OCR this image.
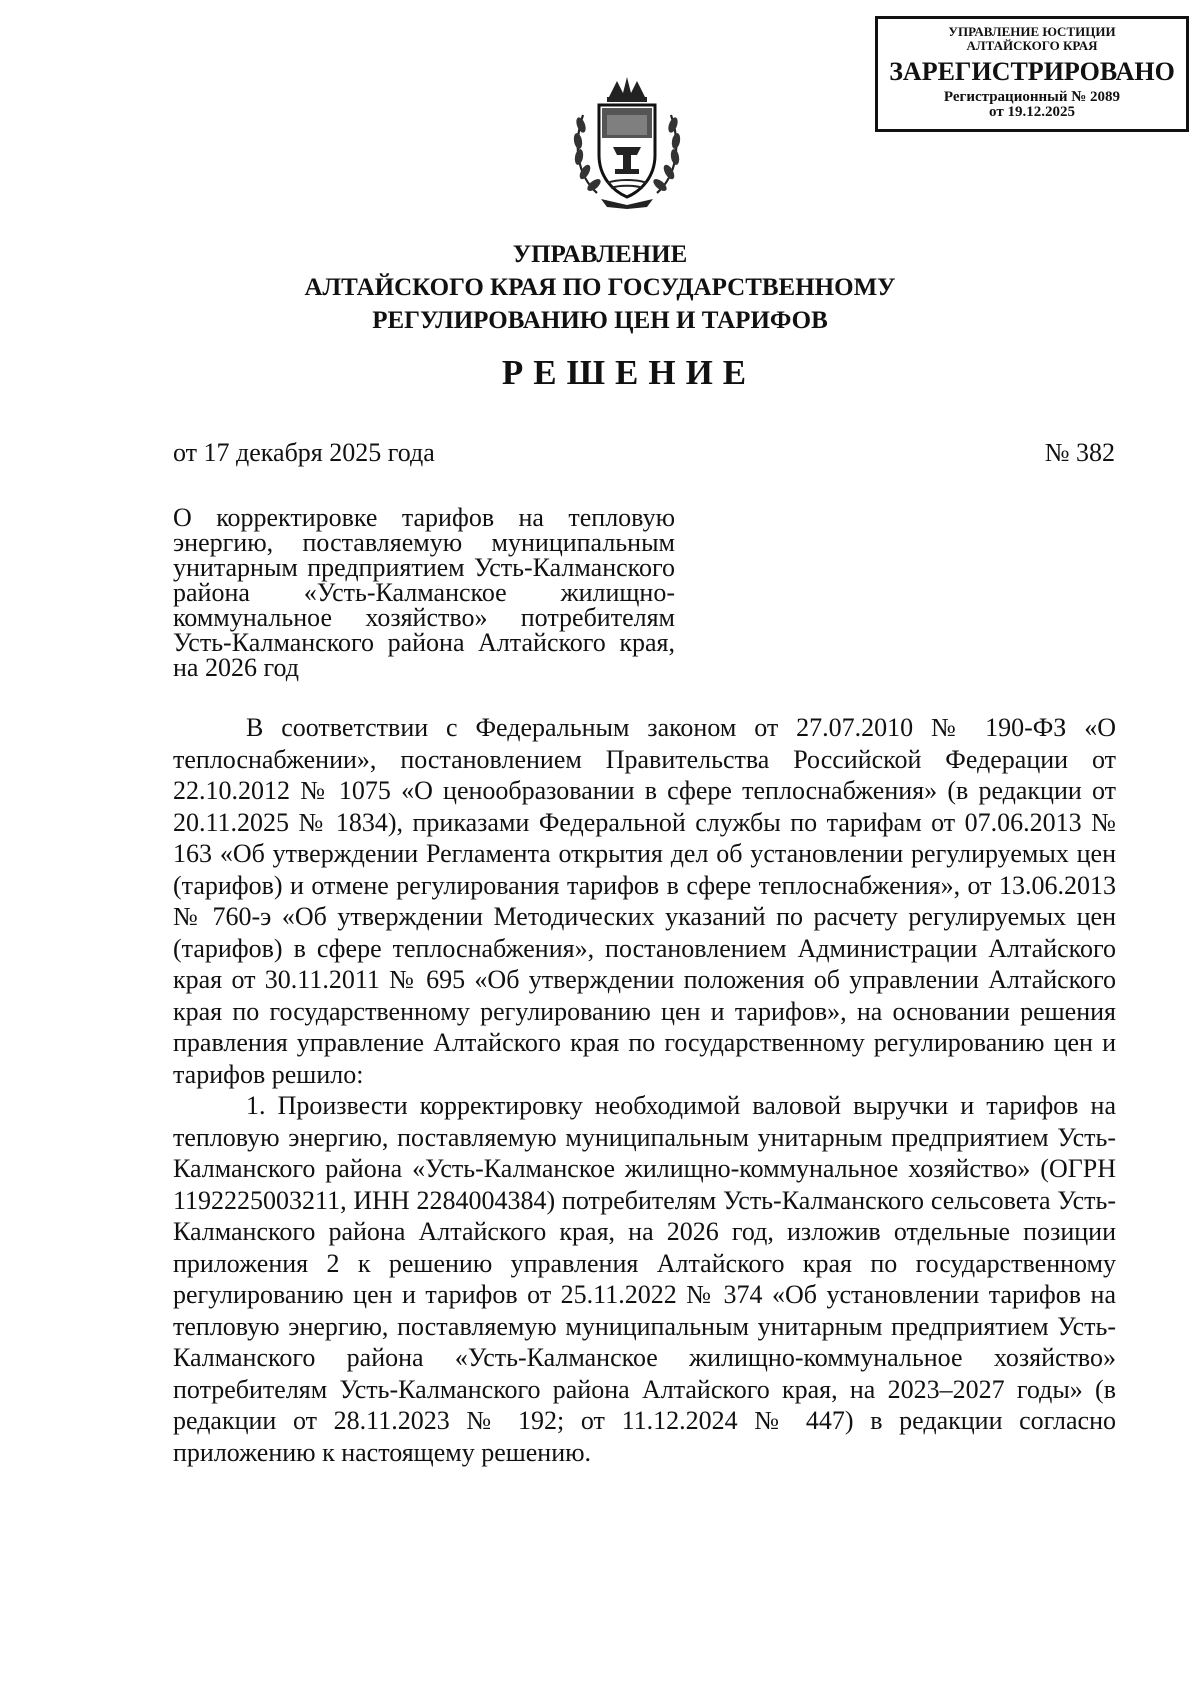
УПРАВЛЕНИЕ ЮСТИЦИИ
АЛТАЙСКОГО КРАЯ
ЗАРЕГИСТРИРОВАНО
Регистрационный № 2089
от 19.12.2025
УПРАВЛЕНИЕ
АЛТАЙСКОГО КРАЯ ПО ГОСУДАРСТВЕННОМУ
РЕГУЛИРОВАНИЮ ЦЕН И ТАРИФОВ
РЕШЕНИЕ
от 17 декабря 2025 года	№ 382
О корректировке тарифов на тепловую энергию, поставляемую муниципальным унитарным предприятием Усть-Калманского района «Усть-Калманское жилищно-коммунальное хозяйство» потребителям Усть-Калманского района Алтайского края, на 2026 год

В соответствии с Федеральным законом от 27.07.2010 № 190-ФЗ «О теплоснабжении», постановлением Правительства Российской Федерации от 22.10.2012 № 1075 «О ценообразовании в сфере теплоснабжения» (в редакции от 20.11.2025 № 1834), приказами Федеральной службы по тарифам от 07.06.2013 № 163 «Об утверждении Регламента открытия дел об установлении регулируемых цен (тарифов) и отмене регулирования тарифов в сфере теплоснабжения», от 13.06.2013 № 760-э «Об утверждении Методических указаний по расчету регулируемых цен (тарифов) в сфере теплоснабжения», постановлением Администрации Алтайского края от 30.11.2011 № 695 «Об утверждении положения об управлении Алтайского края по государственному регулированию цен и тарифов», на основании решения правления управление Алтайского края по государственному регулированию цен и тарифов решило:

1. Произвести корректировку необходимой валовой выручки и тарифов на тепловую энергию, поставляемую муниципальным унитарным предприятием Усть-Калманского района «Усть-Калманское жилищно-коммунальное хозяйство» (ОГРН 1192225003211, ИНН 2284004384) потребителям Усть-Калманского сельсовета Усть-Калманского района Алтайского края, на 2026 год, изложив отдельные позиции приложения 2 к решению управления Алтайского края по государственному регулированию цен и тарифов от 25.11.2022 № 374 «Об установлении тарифов на тепловую энергию, поставляемую муниципальным унитарным предприятием Усть-Калманского района «Усть-Калманское жилищно-коммунальное хозяйство» потребителям Усть-Калманского района Алтайского края, на 2023–2027 годы» (в редакции от 28.11.2023 № 192; от 11.12.2024 № 447) в редакции согласно приложению к настоящему решению.
